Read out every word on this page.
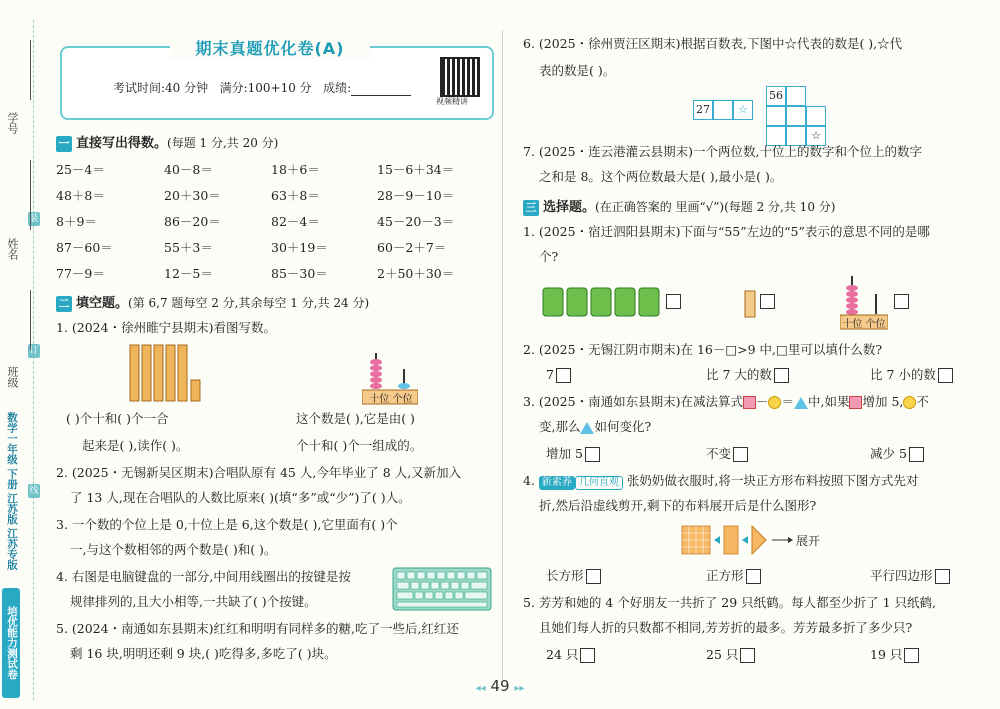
学号
装
姓名
订
班级
线
培优能力测试卷
数学一年级 下册 江苏版 江苏专版
期末真题优化卷(A)
考试时间:40 分钟 满分:100+10 分 成绩:
视频精讲
一 直接写出得数。(每题 1 分,共 20 分)
25－4＝	40－8＝	18＋6＝	15－6＋34＝
48＋8＝	20＋30＝	63＋8＝	28－9－10＝
8＋9＝	86－20＝	82－4＝	45－20－3＝
87－60＝	55＋3＝	30＋19＝	60－2＋7＝
77－9＝	12－5＝	85－30＝	2＋50＋30＝
二 填空题。(第 6,7 题每空 2 分,其余每空 1 分,共 24 分)
1. (2024・徐州睢宁县期末)看图写数。
十位 个位
( )个十和( )个一合
起来是( ),读作( )。
这个数是( ),它是由( )
个十和( )个一组成的。
2. (2025・无锡新吴区期末)合唱队原有 45 人,今年毕业了 8 人,又新加入
了 13 人,现在合唱队的人数比原来( )(填“多”或“少”)了( )人。
3. 一个数的个位上是 0,十位上是 6,这个数是( ),它里面有( )个
一,与这个数相邻的两个数是( )和( )。
4. 右图是电脑键盘的一部分,中间用线圈出的按键是按
规律排列的,且大小相等,一共缺了( )个按键。
5. (2024・南通如东县期末)红红和明明有同样多的糖,吃了一些后,红红还
剩 16 块,明明还剩 9 块,( )吃得多,多吃了( )块。
6. (2025・徐州贾汪区期末)根据百数表,下图中☆代表的数是( ),☆代
表的数是( )。
27	☆
56
☆
7. (2025・连云港灌云县期末)一个两位数,十位上的数字和个位上的数字
之和是 8。这个两位数最大是( ),最小是( )。
三 选择题。(在正确答案的 里画“√”)(每题 2 分,共 10 分)
1. (2025・宿迁泗阳县期末)下面与“55”左边的“5”表示的意思不同的是哪
个?
十位 个位
2. (2025・无锡江阴市期末)在 16－□>9 中,□里可以填什么数?
7	比 7 大的数	比 7 小的数
3. (2025・南通如东县期末)在减法算式 － ＝ 中,如果 增加 5, 不
变,那么 如何变化?
增加 5	不变	减少 5
4. 新素养 几何直观 张奶奶做衣服时,将一块正方形布料按照下图方式先对
折,然后沿虚线剪开,剩下的布料展开后是什么图形?
展开
长方形	正方形	平行四边形
5. 芳芳和她的 4 个好朋友一共折了 29 只纸鹤。每人都至少折了 1 只纸鹤,
且她们每人折的只数都不相同,芳芳折的最多。芳芳最多折了多少只?
24 只	25 只	19 只
◂◂ 49 ▸▸
